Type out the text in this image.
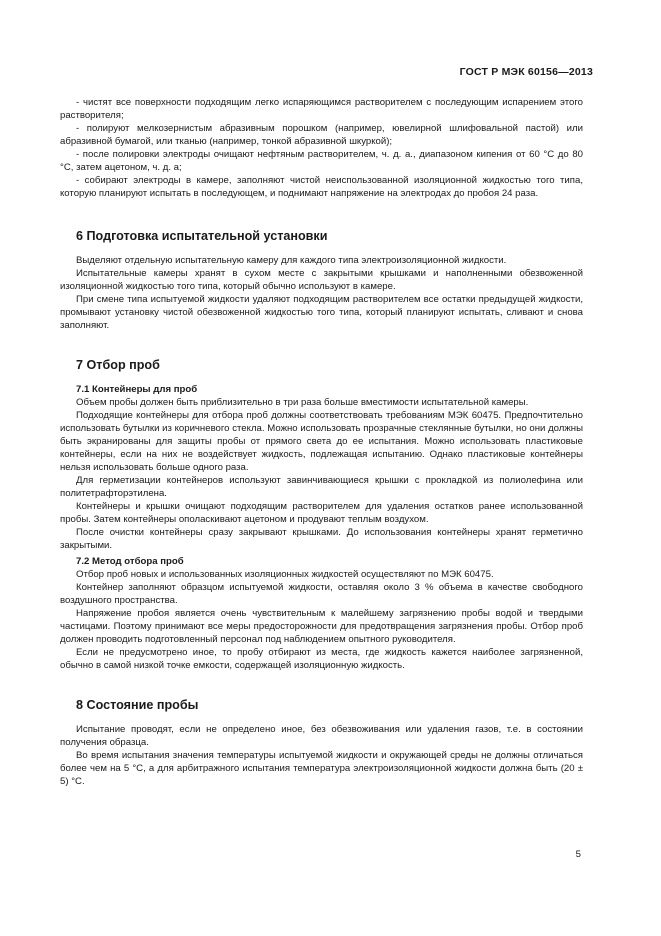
ГОСТ Р МЭК 60156—2013

- чистят все поверхности подходящим легко испаряющимся растворителем с последующим испарением этого растворителя;

- полируют мелкозернистым абразивным порошком (например, ювелирной шлифовальной пастой) или абразивной бумагой, или тканью (например, тонкой абразивной шкуркой);

- после полировки электроды очищают нефтяным растворителем, ч. д. а., диапазоном кипения от 60 °С до 80 °С, затем ацетоном, ч. д. а;

- собирают электроды в камере, заполняют чистой неиспользованной изоляционной жидкостью того типа, которую планируют испытать в последующем, и поднимают напряжение на электродах до пробоя 24 раза.

6 Подготовка испытательной установки

Выделяют отдельную испытательную камеру для каждого типа электроизоляционной жидкости.

Испытательные камеры хранят в сухом месте с закрытыми крышками и наполненными обезвоженной изоляционной жидкостью того типа, который обычно используют в камере.

При смене типа испытуемой жидкости удаляют подходящим растворителем все остатки предыдущей жидкости, промывают установку чистой обезвоженной жидкостью того типа, который планируют испытать, сливают и снова заполняют.

7 Отбор проб
7.1 Контейнеры для проб

Объем пробы должен быть приблизительно в три раза больше вместимости испытательной камеры.

Подходящие контейнеры для отбора проб должны соответствовать требованиям МЭК 60475. Предпочтительно использовать бутылки из коричневого стекла. Можно использовать прозрачные стеклянные бутылки, но они должны быть экранированы для защиты пробы от прямого света до ее испытания. Можно использовать пластиковые контейнеры, если на них не воздействует жидкость, подлежащая испытанию. Однако пластиковые контейнеры нельзя использовать больше одного раза.

Для герметизации контейнеров используют завинчивающиеся крышки с прокладкой из полиолефина или политетрафторэтилена.

Контейнеры и крышки очищают подходящим растворителем для удаления остатков ранее использованной пробы. Затем контейнеры ополаскивают ацетоном и продувают теплым воздухом.

После очистки контейнеры сразу закрывают крышками. До использования контейнеры хранят герметично закрытыми.

7.2 Метод отбора проб

Отбор проб новых и использованных изоляционных жидкостей осуществляют по МЭК 60475.

Контейнер заполняют образцом испытуемой жидкости, оставляя около 3 % объема в качестве свободного воздушного пространства.

Напряжение пробоя является очень чувствительным к малейшему загрязнению пробы водой и твердыми частицами. Поэтому принимают все меры предосторожности для предотвращения загрязнения пробы. Отбор проб должен проводить подготовленный персонал под наблюдением опытного руководителя.

Если не предусмотрено иное, то пробу отбирают из места, где жидкость кажется наиболее загрязненной, обычно в самой низкой точке емкости, содержащей изоляционную жидкость.

8 Состояние пробы

Испытание проводят, если не определено иное, без обезвоживания или удаления газов, т.е. в состоянии получения образца.

Во время испытания значения температуры испытуемой жидкости и окружающей среды не должны отличаться более чем на 5 °С, а для арбитражного испытания температура электроизоляционной жидкости должна быть (20 ± 5) °С.

5
